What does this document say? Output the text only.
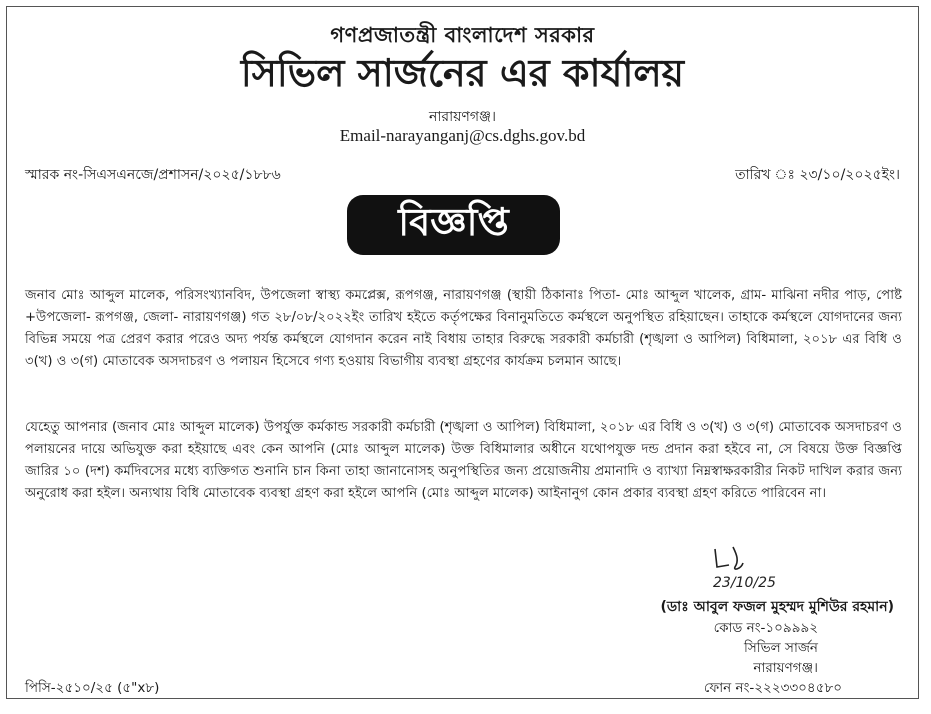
গণপ্রজাতন্ত্রী বাংলাদেশ সরকার
সিভিল সার্জনের এর কার্যালয়
নারায়ণগঞ্জ।
Email-narayanganj@cs.dghs.gov.bd
স্মারক নং-সিএসএনজে/প্রশাসন/২০২৫/১৮৮৬	তারিখ ঃ ২৩/১০/২০২৫ইং।
বিজ্ঞপ্তি

জনাব মোঃ আব্দুল মালেক, পরিসংখ্যানবিদ, উপজেলা স্বাস্থ্য কমপ্লেক্স, রূপগঞ্জ, নারায়ণগঞ্জ (স্থায়ী ঠিকানাঃ পিতা- মোঃ আব্দুল খালেক, গ্রাম- মাঝিনা নদীর পাড়, পোষ্ট +উপজেলা- রূপগঞ্জ, জেলা- নারায়ণগঞ্জ) গত ২৮/০৮/২০২২ইং তারিখ হইতে কর্তৃপক্ষের বিনানুমতিতে কর্মস্থলে অনুপস্থিত রহিয়াছেন। তাহাকে কর্মস্থলে যোগদানের জন্য বিভিন্ন সময়ে পত্র প্রেরণ করার পরেও অদ্য পর্যন্ত কর্মস্থলে যোগদান করেন নাই বিধায় তাহার বিরুদ্ধে সরকারী কর্মচারী (শৃঙ্খলা ও আপিল) বিধিমালা, ২০১৮ এর বিধি ও ৩(খ) ও ৩(গ) মোতাবেক অসদাচরণ ও পলায়ন হিসেবে গণ্য হওয়ায় বিভাগীয় ব্যবস্থা গ্রহণের কার্যক্রম চলমান আছে।

যেহেতু আপনার (জনাব মোঃ আব্দুল মালেক) উপর্যুক্ত কর্মকান্ড সরকারী কর্মচারী (শৃঙ্খলা ও আপিল) বিধিমালা, ২০১৮ এর বিধি ও ৩(খ) ও ৩(গ) মোতাবেক অসদাচরণ ও পলায়নের দায়ে অভিযুক্ত করা হইয়াছে এবং কেন আপনি (মোঃ আব্দুল মালেক) উক্ত বিধিমালার অধীনে যথোপযুক্ত দন্ড প্রদান করা হইবে না, সে বিষয়ে উক্ত বিজ্ঞপ্তি জারির ১০ (দশ) কর্মদিবসের মধ্যে ব্যক্তিগত শুনানি চান কিনা তাহা জানানোসহ অনুপস্থিতির জন্য প্রয়োজনীয় প্রমানাদি ও ব্যাখ্যা নিম্নস্বাক্ষরকারীর নিকট দাখিল করার জন্য অনুরোধ করা হইল। অন্যথায় বিধি মোতাবেক ব্যবস্থা গ্রহণ করা হইলে আপনি (মোঃ আব্দুল মালেক) আইনানুগ কোন প্রকার ব্যবস্থা গ্রহণ করিতে পারিবেন না।

23/10/25
(ডাঃ আবুল ফজল মুহম্মদ মুশিউর রহমান)
কোড নং-১০৯৯৯২
সিভিল সার্জন
নারায়ণগঞ্জ।
ফোন নং-২২২৩৩০৪৫৮০
পিসি-২৫১০/২৫ (৫"x৮)
